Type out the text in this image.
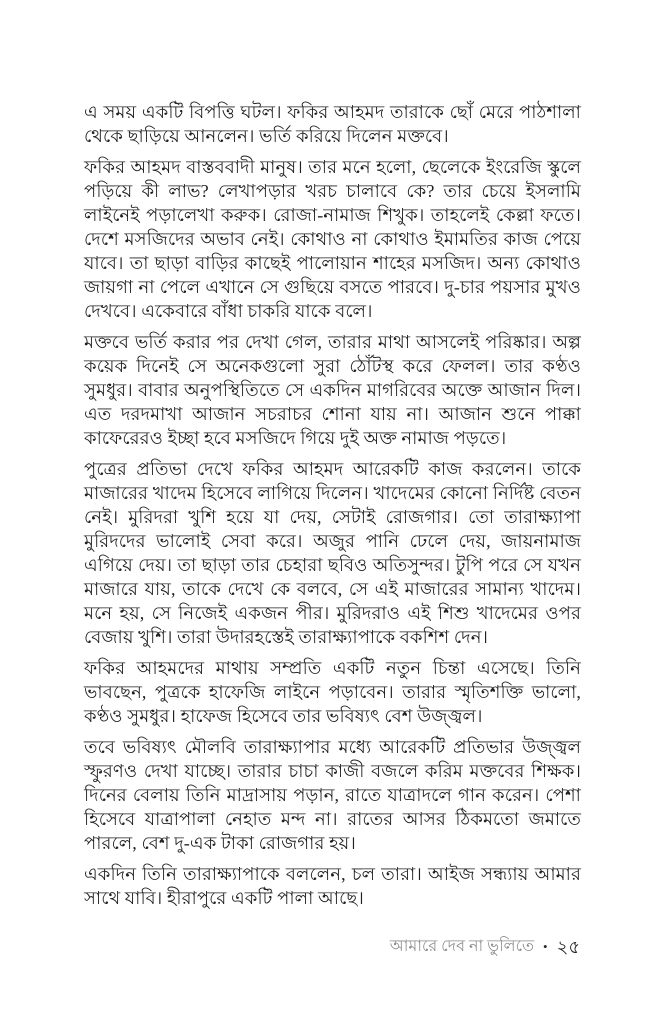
এ সময় একটি বিপত্তি ঘটল। ফকির আহমদ তারাকে ছোঁ মেরে পাঠশালা থেকে ছাড়িয়ে আনলেন। ভর্তি করিয়ে দিলেন মক্তবে।

ফকির আহমদ বাস্তববাদী মানুষ। তার মনে হলো, ছেলেকে ইংরেজি স্কুলে পড়িয়ে কী লাভ? লেখাপড়ার খরচ চালাবে কে? তার চেয়ে ইসলামি লাইনেই পড়ালেখা করুক। রোজা-নামাজ শিখুক। তাহলেই কেল্লা ফতে। দেশে মসজিদের অভাব নেই। কোথাও না কোথাও ইমামতির কাজ পেয়ে যাবে। তা ছাড়া বাড়ির কাছেই পালোয়ান শাহের মসজিদ। অন্য কোথাও জায়গা না পেলে এখানে সে গুছিয়ে বসতে পারবে। দু-চার পয়সার মুখও দেখবে। একেবারে বাঁধা চাকরি যাকে বলে।

মক্তবে ভর্তি করার পর দেখা গেল, তারার মাথা আসলেই পরিষ্কার। অল্প কয়েক দিনেই সে অনেকগুলো সুরা ঠোঁটস্থ করে ফেলল। তার কণ্ঠও সুমধুর। বাবার অনুপস্থিতিতে সে একদিন মাগরিবের অক্তে আজান দিল। এত দরদমাখা আজান সচরাচর শোনা যায় না। আজান শুনে পাক্কা কাফেরেরও ইচ্ছা হবে মসজিদে গিয়ে দুই অক্ত নামাজ পড়তে।

পুত্রের প্রতিভা দেখে ফকির আহমদ আরেকটি কাজ করলেন। তাকে মাজারের খাদেম হিসেবে লাগিয়ে দিলেন। খাদেমের কোনো নির্দিষ্ট বেতন নেই। মুরিদরা খুশি হয়ে যা দেয়, সেটাই রোজগার। তো তারাক্ষ্যাপা মুরিদদের ভালোই সেবা করে। অজুর পানি ঢেলে দেয়, জায়নামাজ এগিয়ে দেয়। তা ছাড়া তার চেহারা ছবিও অতিসুন্দর। টুপি পরে সে যখন মাজারে যায়, তাকে দেখে কে বলবে, সে এই মাজারের সামান্য খাদেম। মনে হয়, সে নিজেই একজন পীর। মুরিদরাও এই শিশু খাদেমের ওপর বেজায় খুশি। তারা উদারহস্তেই তারাক্ষ্যাপাকে বকশিশ দেন।

ফকির আহমদের মাথায় সম্প্রতি একটি নতুন চিন্তা এসেছে। তিনি ভাবছেন, পুত্রকে হাফেজি লাইনে পড়াবেন। তারার স্মৃতিশক্তি ভালো, কণ্ঠও সুমধুর। হাফেজ হিসেবে তার ভবিষ্যৎ বেশ উজ্জ্বল।

তবে ভবিষ্যৎ মৌলবি তারাক্ষ্যাপার মধ্যে আরেকটি প্রতিভার উজ্জ্বল স্ফুরণও দেখা যাচ্ছে। তারার চাচা কাজী বজলে করিম মক্তবের শিক্ষক। দিনের বেলায় তিনি মাদ্রাসায় পড়ান, রাতে যাত্রাদলে গান করেন। পেশা হিসেবে যাত্রাপালা নেহাত মন্দ না। রাতের আসর ঠিকমতো জমাতে পারলে, বেশ দু-এক টাকা রোজগার হয়।

একদিন তিনি তারাক্ষ্যাপাকে বললেন, চল তারা। আইজ সন্ধ্যায় আমার সাথে যাবি। হীরাপুরে একটি পালা আছে।

আমারে দেব না ভুলিতে • ২৫
